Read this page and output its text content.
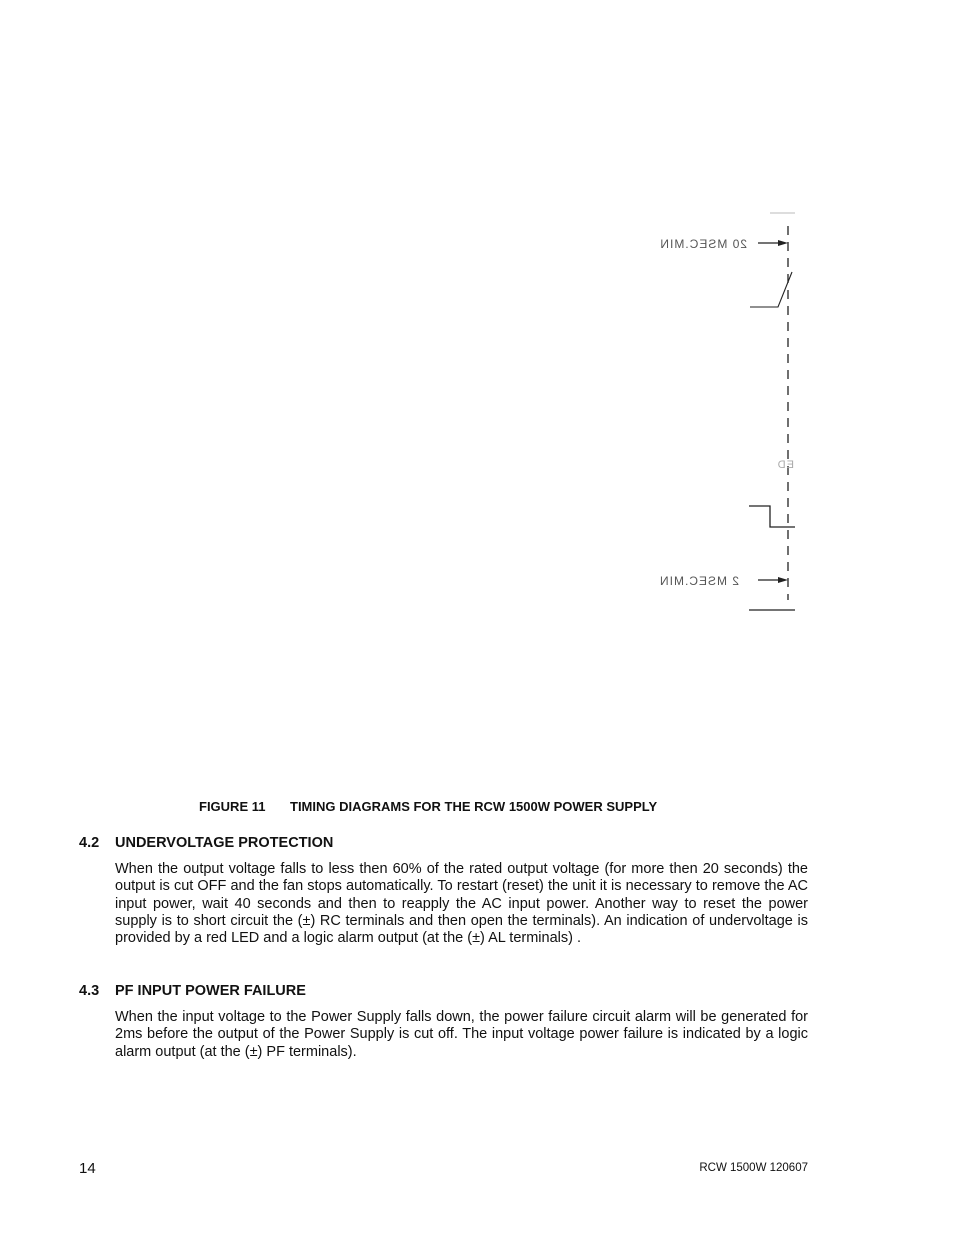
20 MSEC.MIN
ED
2 MSEC.MIN
FIGURE 11 TIMING DIAGRAMS FOR THE RCW 1500W POWER SUPPLY
4.2 UNDERVOLTAGE PROTECTION

When the output voltage falls to less then 60% of the rated output voltage (for more then 20 seconds) the output is cut OFF and the fan stops automatically. To restart (reset) the unit it is necessary to remove the AC input power, wait 40 seconds and then to reapply the AC input power. Another way to reset the power supply is to short circuit the (±) RC terminals and then open the terminals). An indication of undervoltage is provided by a red LED and a logic alarm output (at the (±) AL terminals) .

4.3 PF INPUT POWER FAILURE

When the input voltage to the Power Supply falls down, the power failure circuit alarm will be generated for 2ms before the output of the Power Supply is cut off. The input voltage power failure is indicated by a logic alarm output (at the (±) PF terminals).

14	RCW 1500W 120607
